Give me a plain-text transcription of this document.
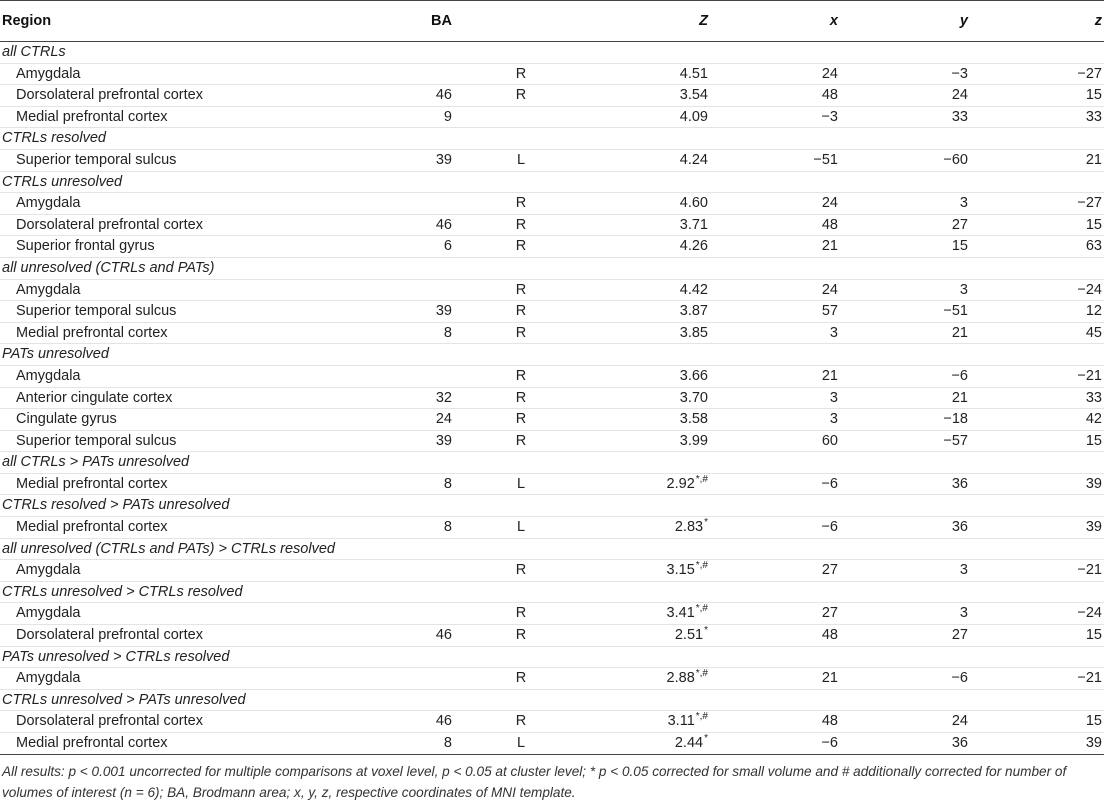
Region	BA		Z	x	y	z
all CTRLs						
Amygdala		R	4.51	24	−3	−27
Dorsolateral prefrontal cortex	46	R	3.54	48	24	15
Medial prefrontal cortex	9		4.09	−3	33	33
CTRLs resolved						
Superior temporal sulcus	39	L	4.24	−51	−60	21
CTRLs unresolved						
Amygdala		R	4.60	24	3	−27
Dorsolateral prefrontal cortex	46	R	3.71	48	27	15
Superior frontal gyrus	6	R	4.26	21	15	63
all unresolved (CTRLs and PATs)						
Amygdala		R	4.42	24	3	−24
Superior temporal sulcus	39	R	3.87	57	−51	12
Medial prefrontal cortex	8	R	3.85	3	21	45
PATs unresolved						
Amygdala		R	3.66	21	−6	−21
Anterior cingulate cortex	32	R	3.70	3	21	33
Cingulate gyrus	24	R	3.58	3	−18	42
Superior temporal sulcus	39	R	3.99	60	−57	15
all CTRLs > PATs unresolved						
Medial prefrontal cortex	8	L	2.92*,#	−6	36	39
CTRLs resolved > PATs unresolved						
Medial prefrontal cortex	8	L	2.83*	−6	36	39
all unresolved (CTRLs and PATs) > CTRLs resolved						
Amygdala		R	3.15*,#	27	3	−21
CTRLs unresolved > CTRLs resolved						
Amygdala		R	3.41*,#	27	3	−24
Dorsolateral prefrontal cortex	46	R	2.51*	48	27	15
PATs unresolved > CTRLs resolved						
Amygdala		R	2.88*,#	21	−6	−21
CTRLs unresolved > PATs unresolved						
Dorsolateral prefrontal cortex	46	R	3.11*,#	48	24	15
Medial prefrontal cortex	8	L	2.44*	−6	36	39
All results: p < 0.001 uncorrected for multiple comparisons at voxel level, p < 0.05 at cluster level; * p < 0.05 corrected for small volume and # additionally corrected for number of volumes of interest (n = 6); BA, Brodmann area; x, y, z, respective coordinates of MNI template.
